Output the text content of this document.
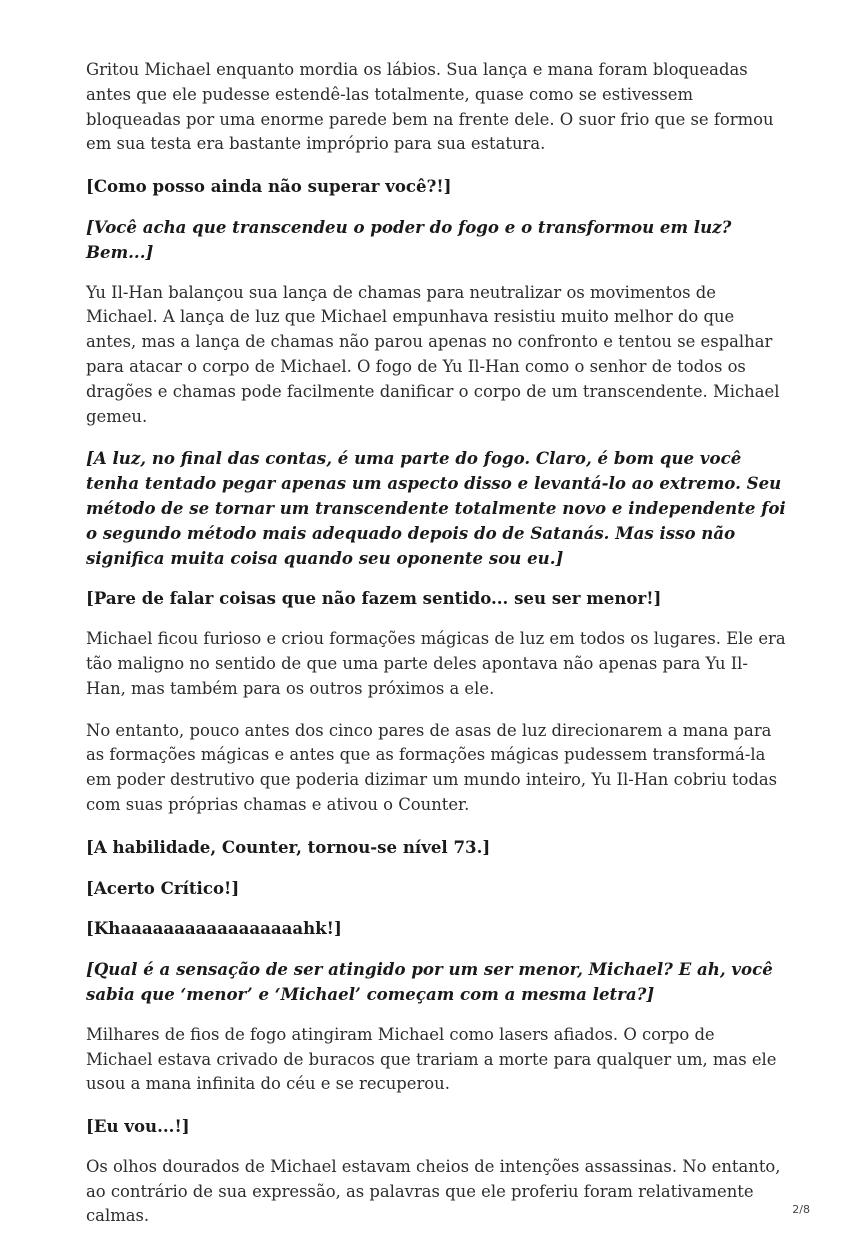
Gritou Michael enquanto mordia os lábios. Sua lança e mana foram bloqueadas antes que ele pudesse estendê-las totalmente, quase como se estivessem bloqueadas por uma enorme parede bem na frente dele. O suor frio que se formou em sua testa era bastante impróprio para sua estatura.

[Como posso ainda não superar você?!]

[Você acha que transcendeu o poder do fogo e o transformou em luz? Bem...]

Yu Il-Han balançou sua lança de chamas para neutralizar os movimentos de Michael. A lança de luz que Michael empunhava resistiu muito melhor do que antes, mas a lança de chamas não parou apenas no confronto e tentou se espalhar para atacar o corpo de Michael. O fogo de Yu Il-Han como o senhor de todos os dragões e chamas pode facilmente danificar o corpo de um transcendente. Michael gemeu.

[A luz, no final das contas, é uma parte do fogo. Claro, é bom que você tenha tentado pegar apenas um aspecto disso e levantá-lo ao extremo. Seu método de se tornar um transcendente totalmente novo e independente foi o segundo método mais adequado depois do de Satanás. Mas isso não significa muita coisa quando seu oponente sou eu.]

[Pare de falar coisas que não fazem sentido... seu ser menor!]

Michael ficou furioso e criou formações mágicas de luz em todos os lugares. Ele era tão maligno no sentido de que uma parte deles apontava não apenas para Yu Il-Han, mas também para os outros próximos a ele.

No entanto, pouco antes dos cinco pares de asas de luz direcionarem a mana para as formações mágicas e antes que as formações mágicas pudessem transformá-la em poder destrutivo que poderia dizimar um mundo inteiro, Yu Il-Han cobriu todas com suas próprias chamas e ativou o Counter.

[A habilidade, Counter, tornou-se nível 73.]

[Acerto Crítico!]

[Khaaaaaaaaaaaaaaaaahk!]

[Qual é a sensação de ser atingido por um ser menor, Michael? E ah, você sabia que ‘menor’ e ‘Michael’ começam com a mesma letra?]

Milhares de fios de fogo atingiram Michael como lasers afiados. O corpo de Michael estava crivado de buracos que trariam a morte para qualquer um, mas ele usou a mana infinita do céu e se recuperou.

[Eu vou...!]

Os olhos dourados de Michael estavam cheios de intenções assassinas. No entanto, ao contrário de sua expressão, as palavras que ele proferiu foram relativamente calmas.	2/8
